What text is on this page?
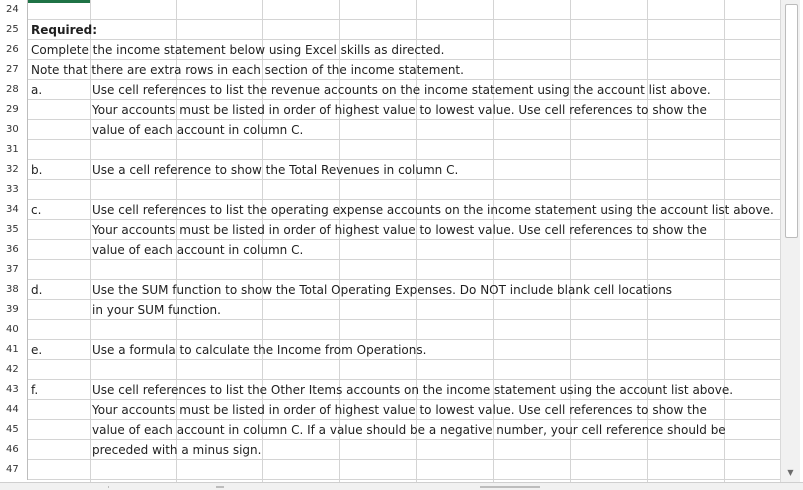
24
25	Required:
26	Complete the income statement below using Excel skills as directed.
27	Note that there are extra rows in each section of the income statement.
28	a.	Use cell references to list the revenue accounts on the income statement using the account list above.
29	Your accounts must be listed in order of highest value to lowest value. Use cell references to show the
30	value of each account in column C.
31
32	b.	Use a cell reference to show the Total Revenues in column C.
33
34	c.	Use cell references to list the operating expense accounts on the income statement using the account list above.
35	Your accounts must be listed in order of highest value to lowest value. Use cell references to show the
36	value of each account in column C.
37
38	d.	Use the SUM function to show the Total Operating Expenses. Do NOT include blank cell locations
39	in your SUM function.
40
41	e.	Use a formula to calculate the Income from Operations.
42
43	f.	Use cell references to list the Other Items accounts on the income statement using the account list above.
44	Your accounts must be listed in order of highest value to lowest value. Use cell references to show the
45	value of each account in column C. If a value should be a negative number, your cell reference should be
46	preceded with a minus sign.
47	▼
